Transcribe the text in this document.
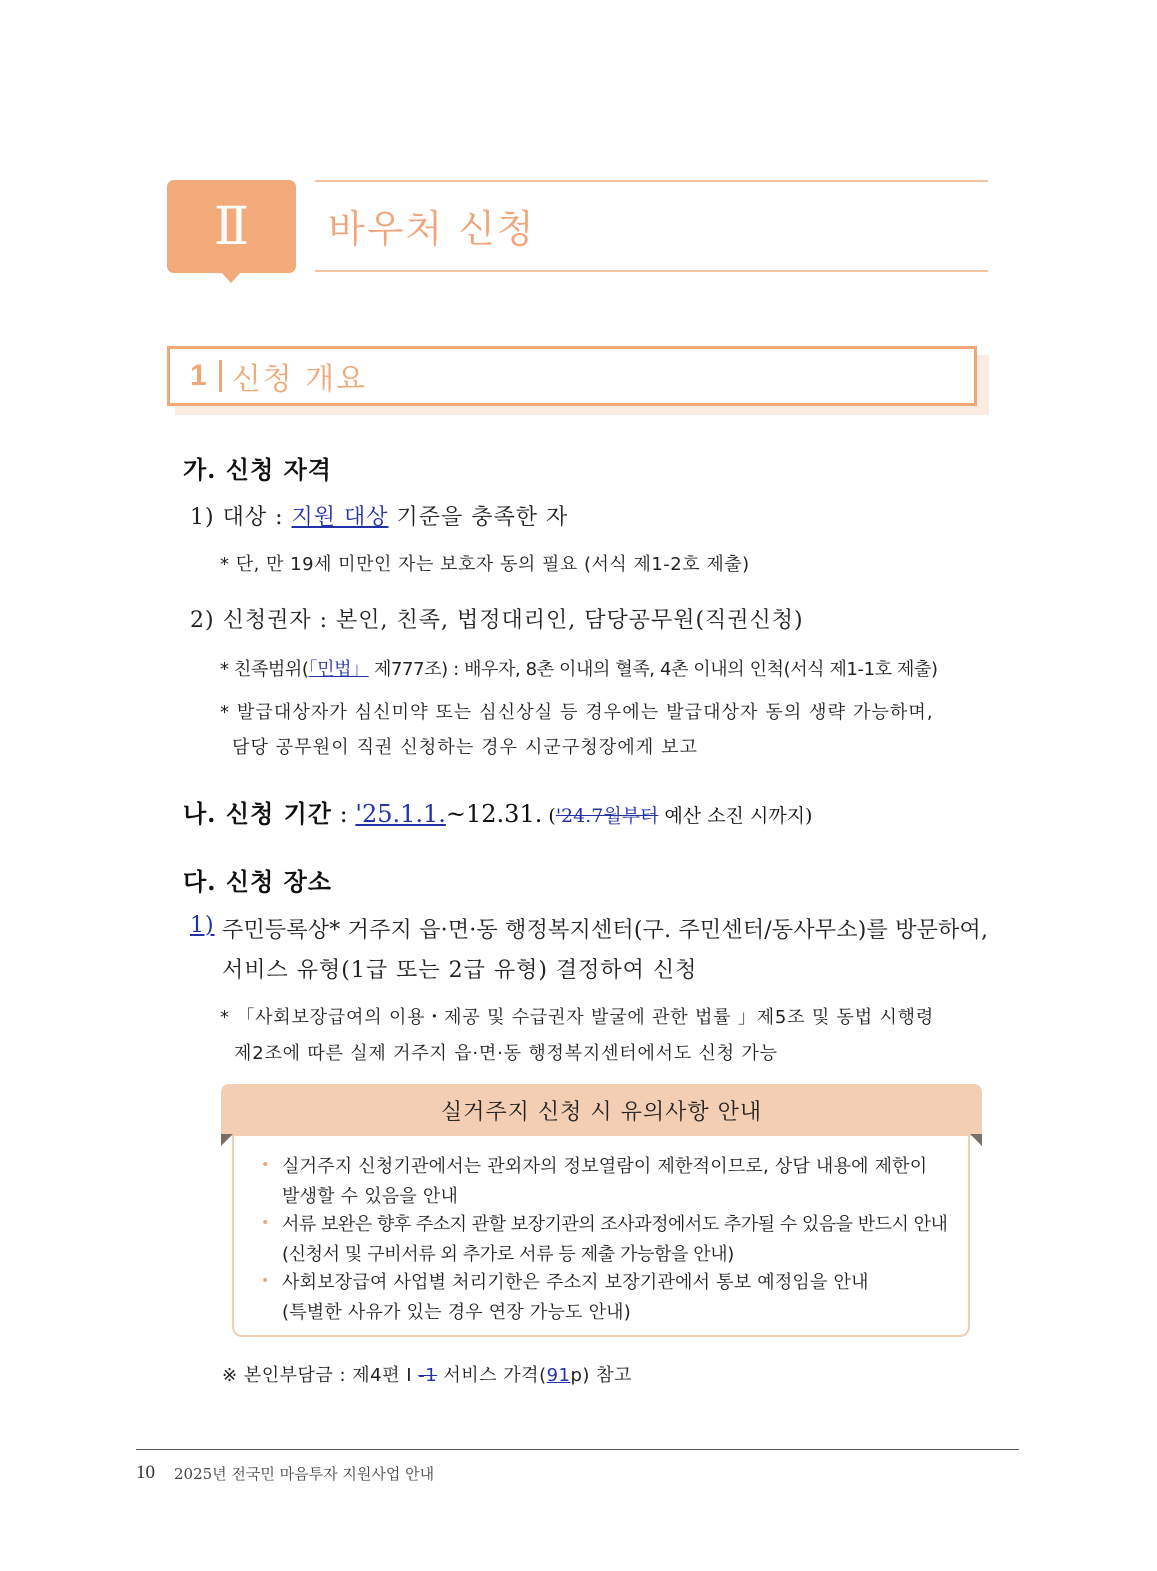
Ⅱ 바우처 신청
1 신청 개요
가. 신청 자격
1) 대상 : 지원 대상 기준을 충족한 자
* 단, 만 19세 미만인 자는 보호자 동의 필요 (서식 제1-2호 제출)
2) 신청권자 : 본인, 친족, 법정대리인, 담당공무원(직권신청)
* 친족범위(「민법」 제777조) : 배우자, 8촌 이내의 혈족, 4촌 이내의 인척(서식 제1-1호 제출)
* 발급대상자가 심신미약 또는 심신상실 등 경우에는 발급대상자 동의 생략 가능하며,
담당 공무원이 직권 신청하는 경우 시군구청장에게 보고
나. 신청 기간 : '25.1.1.~12.31. ('24.7월부터 예산 소진 시까지)
다. 신청 장소
1) 주민등록상* 거주지 읍·면·동 행정복지센터(구. 주민센터/동사무소)를 방문하여,
서비스 유형(1급 또는 2급 유형) 결정하여 신청
* 「사회보장급여의 이용・제공 및 수급권자 발굴에 관한 법률 」제5조 및 동법 시행령
제2조에 따른 실제 거주지 읍·면·동 행정복지센터에서도 신청 가능
실거주지 신청 시 유의사항 안내
• 실거주지 신청기관에서는 관외자의 정보열람이 제한적이므로, 상담 내용에 제한이
발생할 수 있음을 안내
• 서류 보완은 향후 주소지 관할 보장기관의 조사과정에서도 추가될 수 있음을 반드시 안내
(신청서 및 구비서류 외 추가로 서류 등 제출 가능함을 안내)
• 사회보장급여 사업별 처리기한은 주소지 보장기관에서 통보 예정임을 안내
(특별한 사유가 있는 경우 연장 가능도 안내)
※ 본인부담금 : 제4편 Ⅰ -1 서비스 가격(91p) 참고
10 2025년 전국민 마음투자 지원사업 안내
